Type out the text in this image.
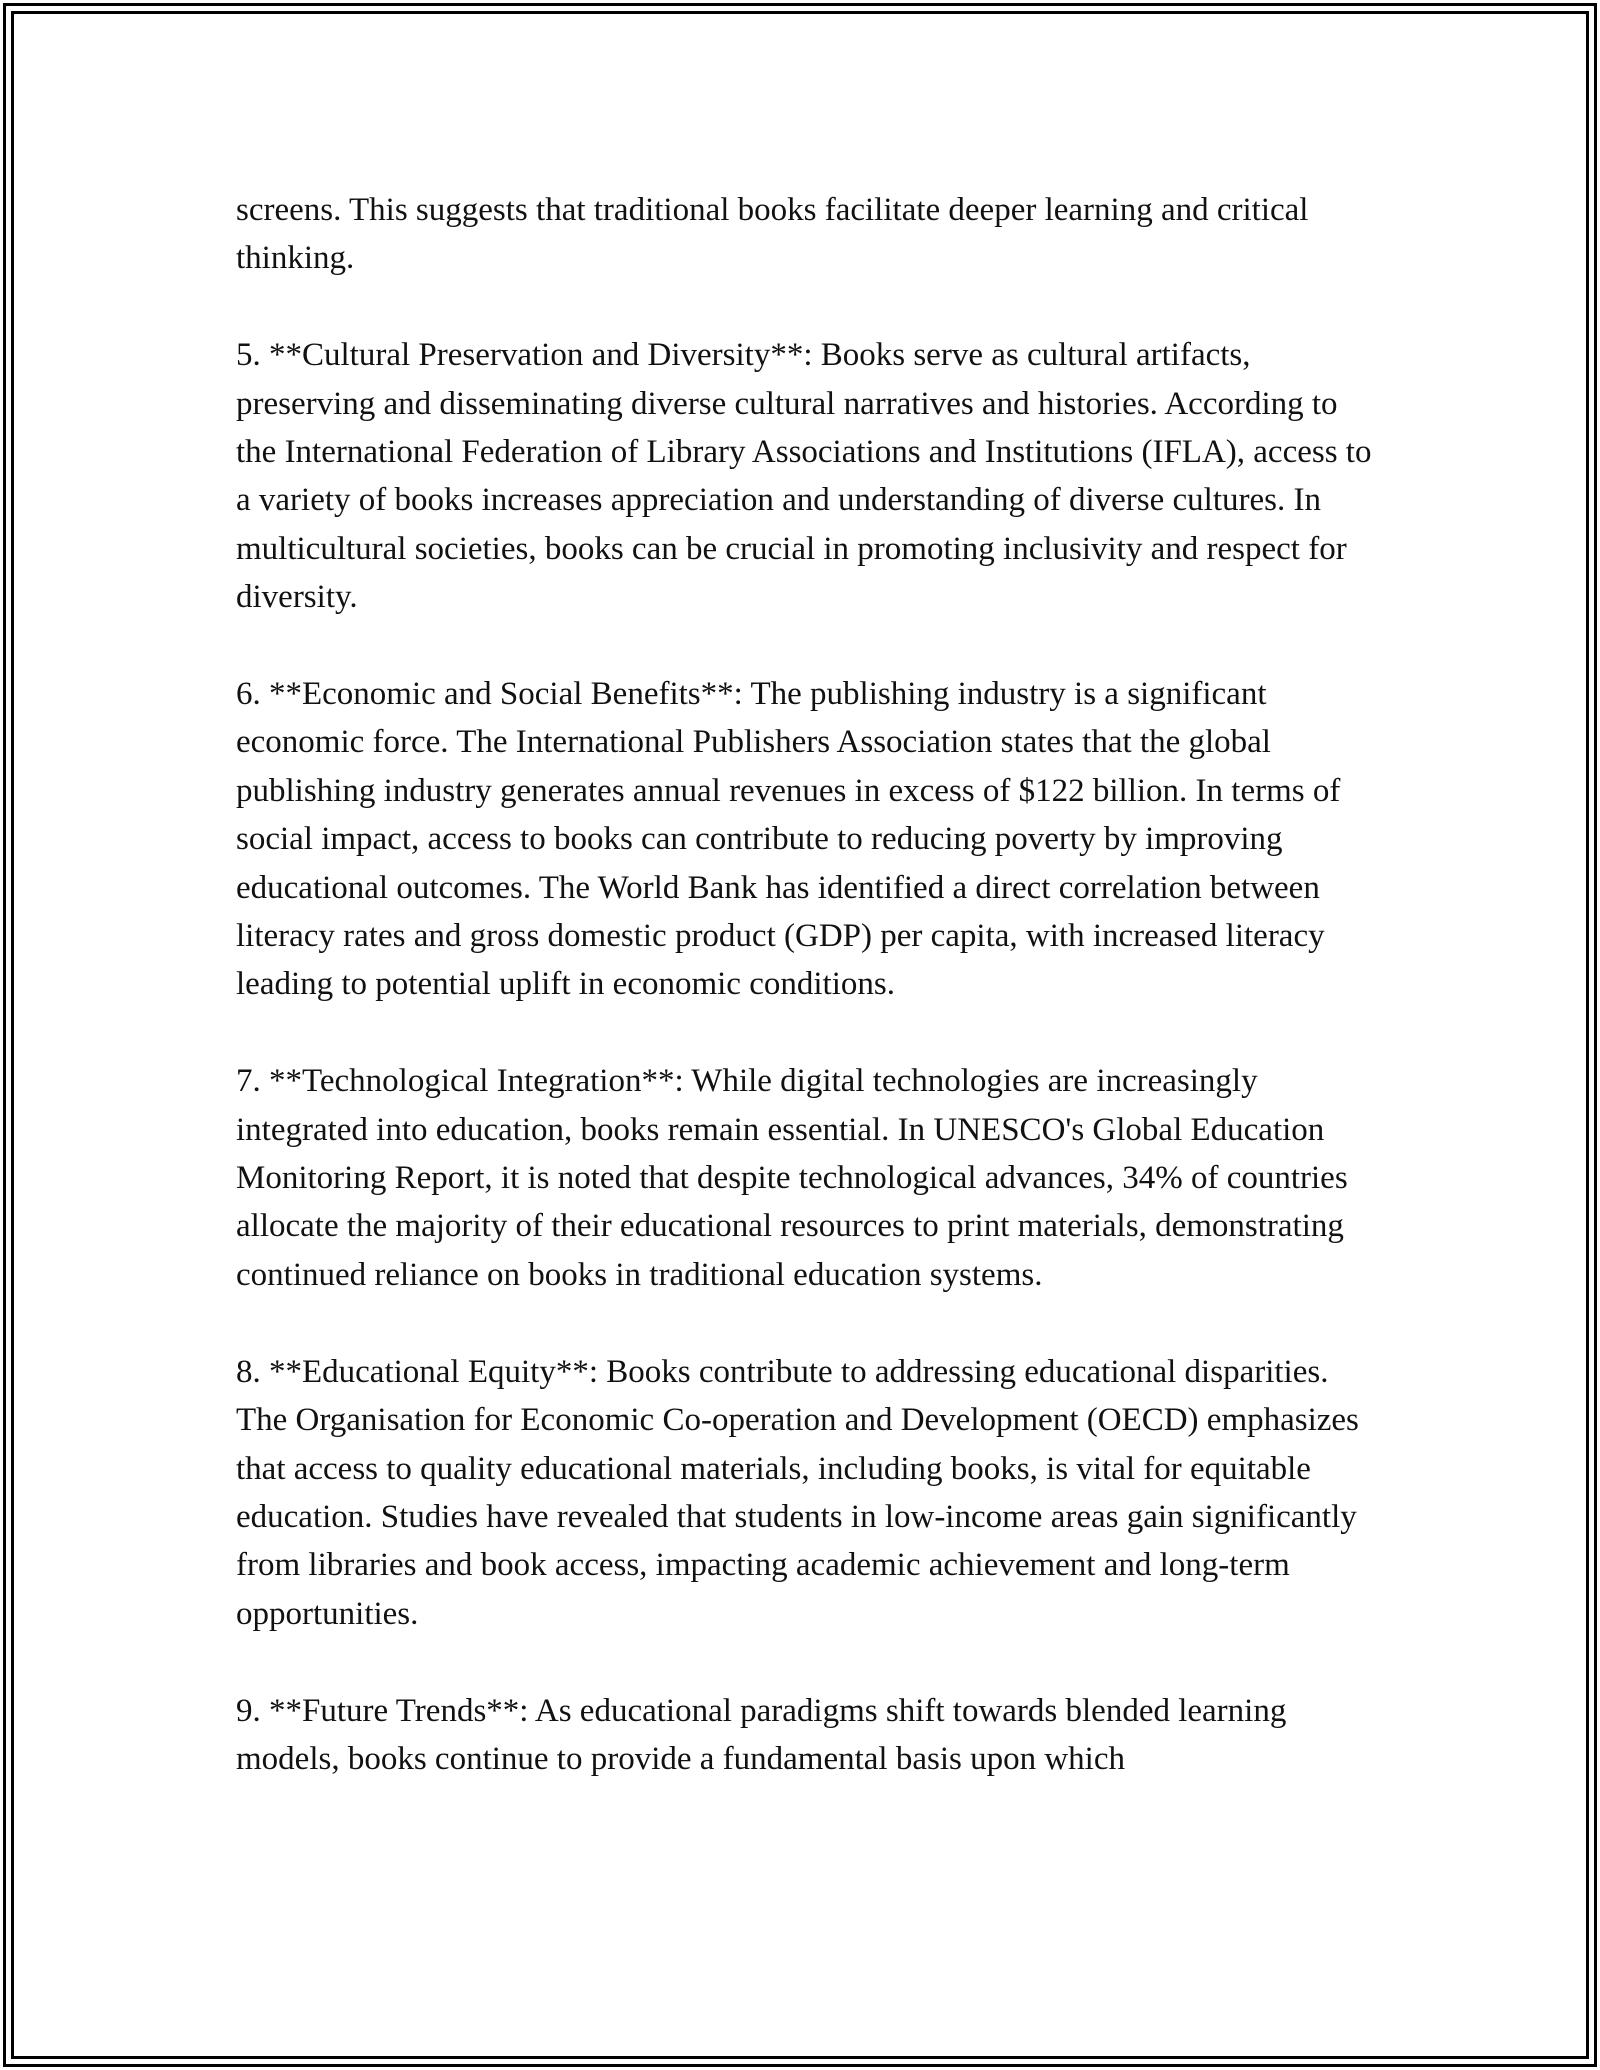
screens. This suggests that traditional books facilitate deeper learning and critical thinking.

5. **Cultural Preservation and Diversity**: Books serve as cultural artifacts, preserving and disseminating diverse cultural narratives and histories. According to the International Federation of Library Associations and Institutions (IFLA), access to a variety of books increases appreciation and understanding of diverse cultures. In multicultural societies, books can be crucial in promoting inclusivity and respect for diversity.

6. **Economic and Social Benefits**: The publishing industry is a significant economic force. The International Publishers Association states that the global publishing industry generates annual revenues in excess of $122 billion. In terms of social impact, access to books can contribute to reducing poverty by improving educational outcomes. The World Bank has identified a direct correlation between literacy rates and gross domestic product (GDP) per capita, with increased literacy leading to potential uplift in economic conditions.

7. **Technological Integration**: While digital technologies are increasingly integrated into education, books remain essential. In UNESCO's Global Education Monitoring Report, it is noted that despite technological advances, 34% of countries allocate the majority of their educational resources to print materials, demonstrating continued reliance on books in traditional education systems.

8. **Educational Equity**: Books contribute to addressing educational disparities. The Organisation for Economic Co-operation and Development (OECD) emphasizes that access to quality educational materials, including books, is vital for equitable education. Studies have revealed that students in low-income areas gain significantly from libraries and book access, impacting academic achievement and long-term opportunities.

9. **Future Trends**: As educational paradigms shift towards blended learning models, books continue to provide a fundamental basis upon which
